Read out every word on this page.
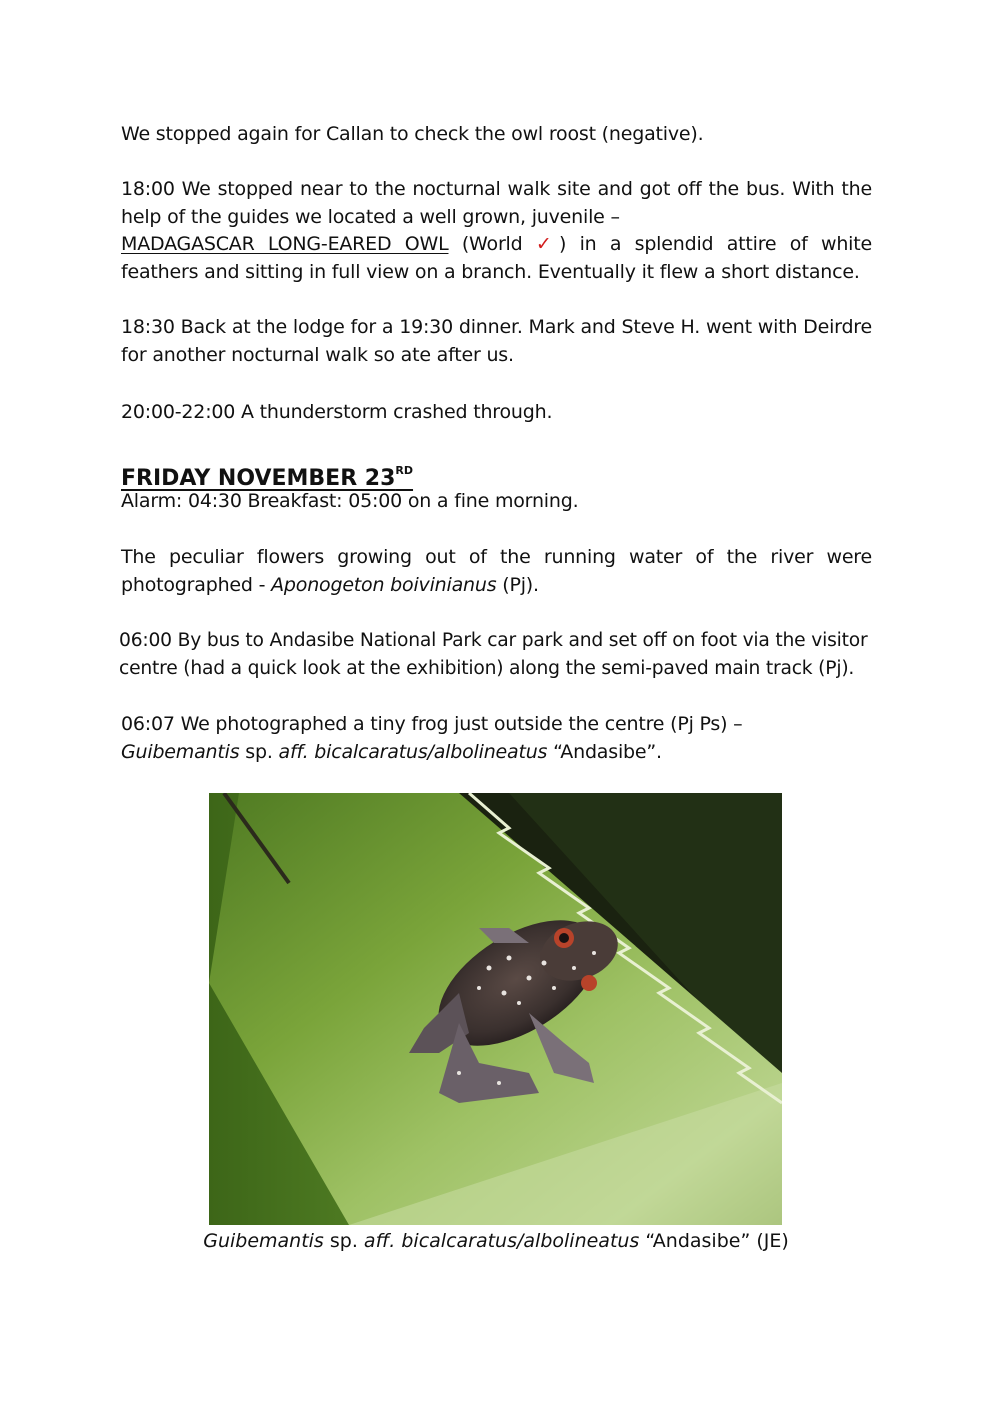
We stopped again for Callan to check the owl roost (negative).

18:00 We stopped near to the nocturnal walk site and got off the bus. With the help of the guides we located a well grown, juvenile –
MADAGASCAR LONG-EARED OWL (World ✓) in a splendid attire of white feathers and sitting in full view on a branch. Eventually it flew a short distance.

18:30 Back at the lodge for a 19:30 dinner. Mark and Steve H. went with Deirdre for another nocturnal walk so ate after us.

20:00-22:00 A thunderstorm crashed through.

FRIDAY NOVEMBER 23RD

Alarm: 04:30 Breakfast: 05:00 on a fine morning.

The peculiar flowers growing out of the running water of the river were photographed - Aponogeton boivinianus (Pj).

06:00 By bus to Andasibe National Park car park and set off on foot via the visitor centre (had a quick look at the exhibition) along the semi-paved main track (Pj).

06:07 We photographed a tiny frog just outside the centre (Pj Ps) –
Guibemantis sp. aff. bicalcaratus/albolineatus “Andasibe”.

Guibemantis sp. aff. bicalcaratus/albolineatus “Andasibe” (JE)
